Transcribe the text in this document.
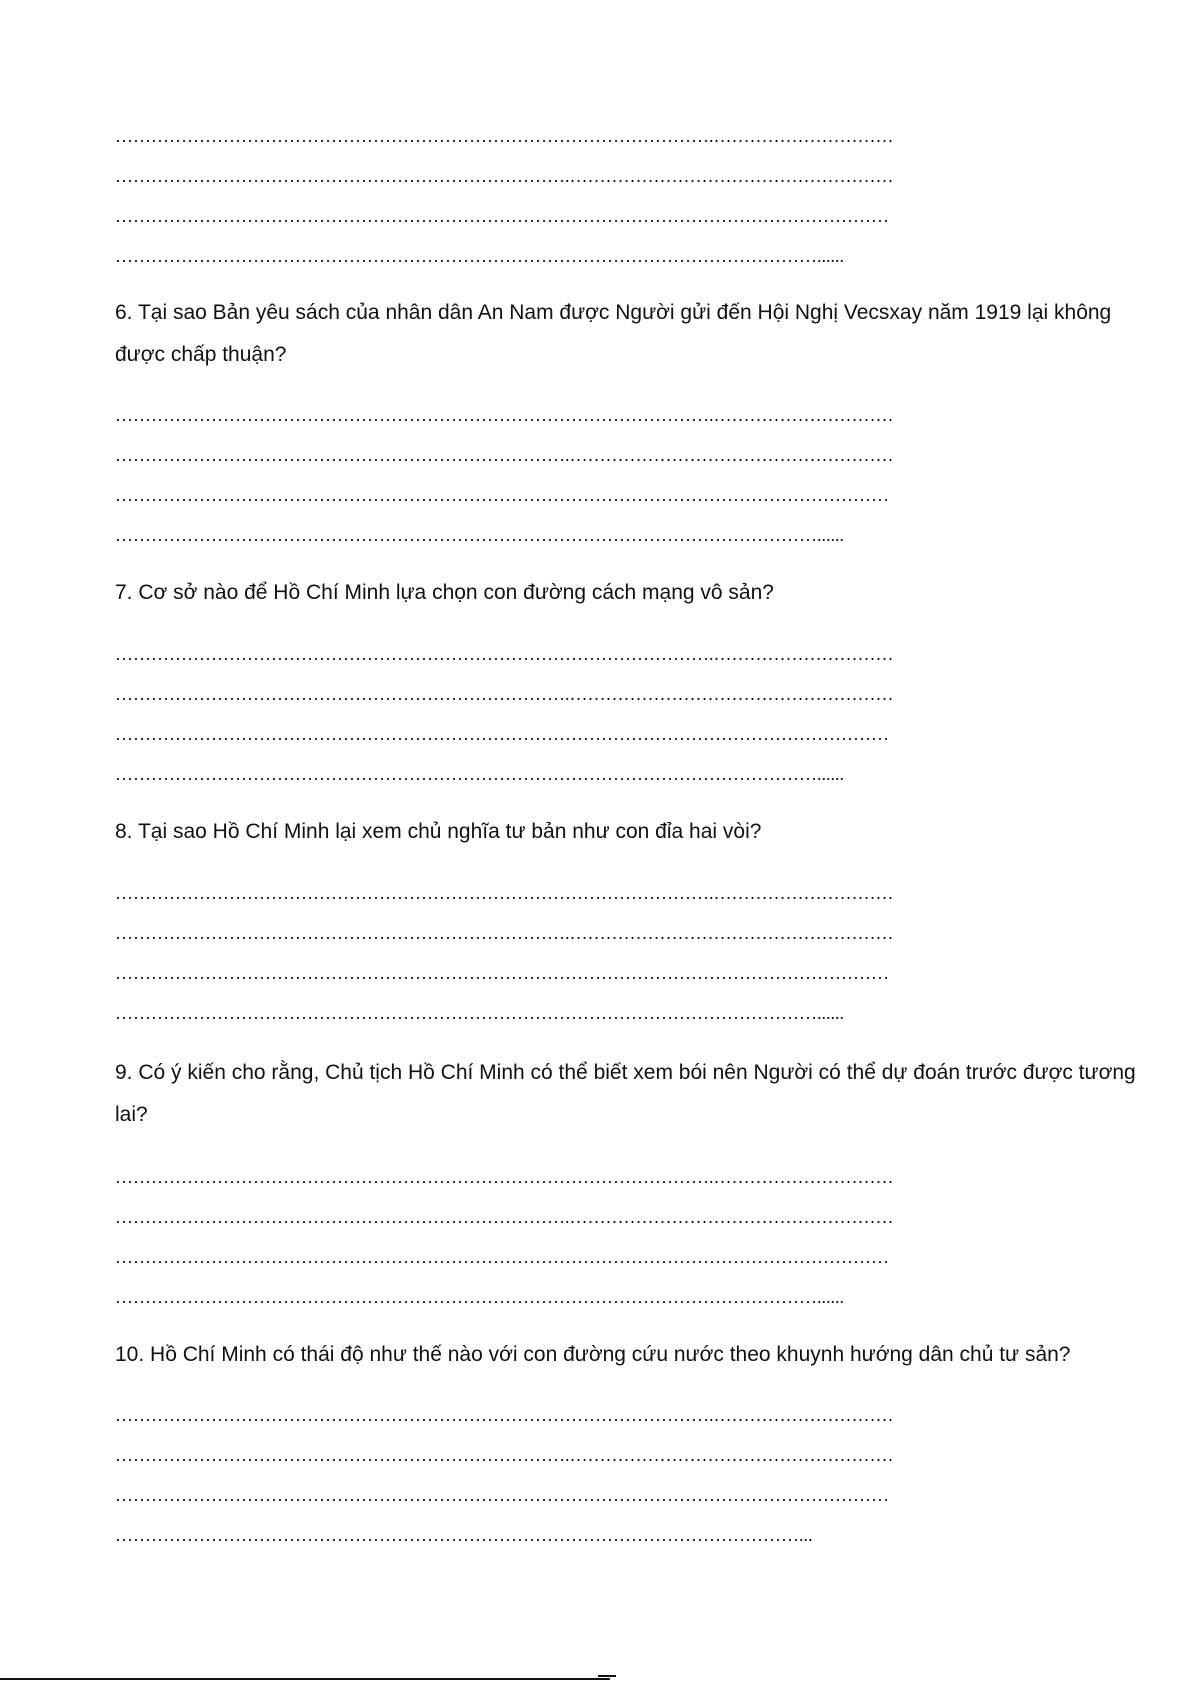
……………………………………………………………………………………….…………………………
………………………………………………………………….………………………………………………
…………………………………………………………………………………………………………………
………………………………………………………………………………………………………......
6. Tại sao Bản yêu sách của nhân dân An Nam được Người gửi đến Hội Nghị Vecsxay năm 1919 lại không được chấp thuận?
……………………………………………………………………………………….…………………………
………………………………………………………………….………………………………………………
…………………………………………………………………………………………………………………
………………………………………………………………………………………………………......
7. Cơ sở nào để Hồ Chí Minh lựa chọn con đường cách mạng vô sản?
……………………………………………………………………………………….…………………………
………………………………………………………………….………………………………………………
…………………………………………………………………………………………………………………
………………………………………………………………………………………………………......
8. Tại sao Hồ Chí Minh lại xem chủ nghĩa tư bản như con đỉa hai vòi?
……………………………………………………………………………………….…………………………
………………………………………………………………….………………………………………………
…………………………………………………………………………………………………………………
………………………………………………………………………………………………………......
9. Có ý kiến cho rằng, Chủ tịch Hồ Chí Minh có thể biết xem bói nên Người có thể dự đoán trước được tương lai?
……………………………………………………………………………………….…………………………
………………………………………………………………….………………………………………………
…………………………………………………………………………………………………………………
………………………………………………………………………………………………………......
10. Hồ Chí Minh có thái độ như thế nào với con đường cứu nước theo khuynh hướng dân chủ tư sản?
……………………………………………………………………………………….…………………………
………………………………………………………………….………………………………………………
…………………………………………………………………………………………………………………
……………………………………………………………………………………………………...
